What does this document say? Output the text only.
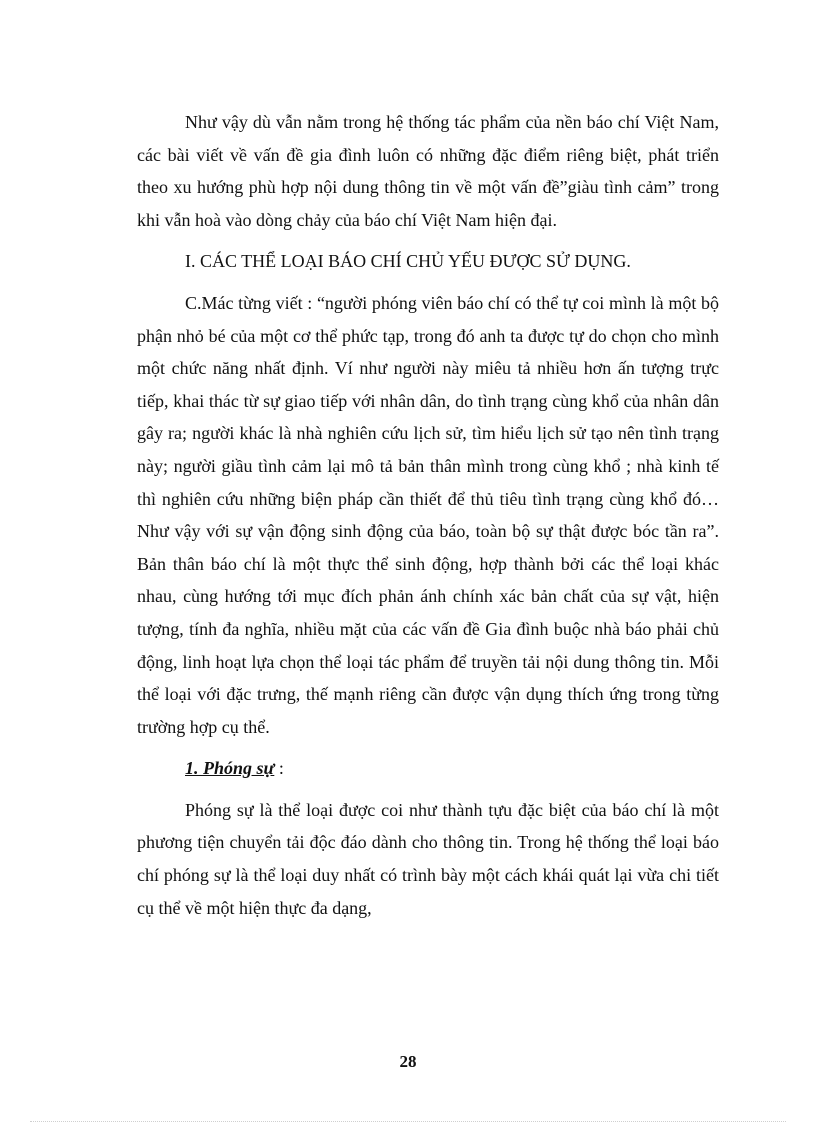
Như vậy dù vẫn nằm trong hệ thống tác phẩm của nền báo chí Việt Nam, các bài viết về vấn đề gia đình luôn có những đặc điểm riêng biệt, phát triển theo xu hướng phù hợp nội dung thông tin về một vấn đề”giàu tình cảm” trong khi vẫn hoà vào dòng chảy của báo chí Việt Nam hiện đại.

I. CÁC THỂ LOẠI BÁO CHÍ CHỦ YẾU ĐƯỢC SỬ DỤNG.

C.Mác từng viết : “người phóng viên báo chí có thể tự coi mình là một bộ phận nhỏ bé của một cơ thể phức tạp, trong đó anh ta được tự do chọn cho mình một chức năng nhất định. Ví như người này miêu tả nhiều hơn ấn tượng trực tiếp, khai thác từ sự giao tiếp với nhân dân, do tình trạng cùng khổ của nhân dân gây ra; người khác là nhà nghiên cứu lịch sử, tìm hiểu lịch sử tạo nên tình trạng này; người giầu tình cảm lại mô tả bản thân mình trong cùng khổ ; nhà kinh tế thì nghiên cứu những biện pháp cần thiết để thủ tiêu tình trạng cùng khổ đó… Như vậy với sự vận động sinh động của báo, toàn bộ sự thật được bóc tần ra”. Bản thân báo chí là một thực thể sinh động, hợp thành bởi các thể loại khác nhau, cùng hướng tới mục đích phản ánh chính xác bản chất của sự vật, hiện tượng, tính đa nghĩa, nhiều mặt của các vấn đề Gia đình buộc nhà báo phải chủ động, linh hoạt lựa chọn thể loại tác phẩm để truyền tải nội dung thông tin. Mỗi thể loại với đặc trưng, thế mạnh riêng cần được vận dụng thích ứng trong từng trường hợp cụ thể.

1. Phóng sự :

Phóng sự là thể loại được coi như thành tựu đặc biệt của báo chí là một phương tiện chuyển tải độc đáo dành cho thông tin. Trong hệ thống thể loại báo chí phóng sự là thể loại duy nhất có trình bày một cách khái quát lại vừa chi tiết cụ thể về một hiện thực đa dạng,

28
